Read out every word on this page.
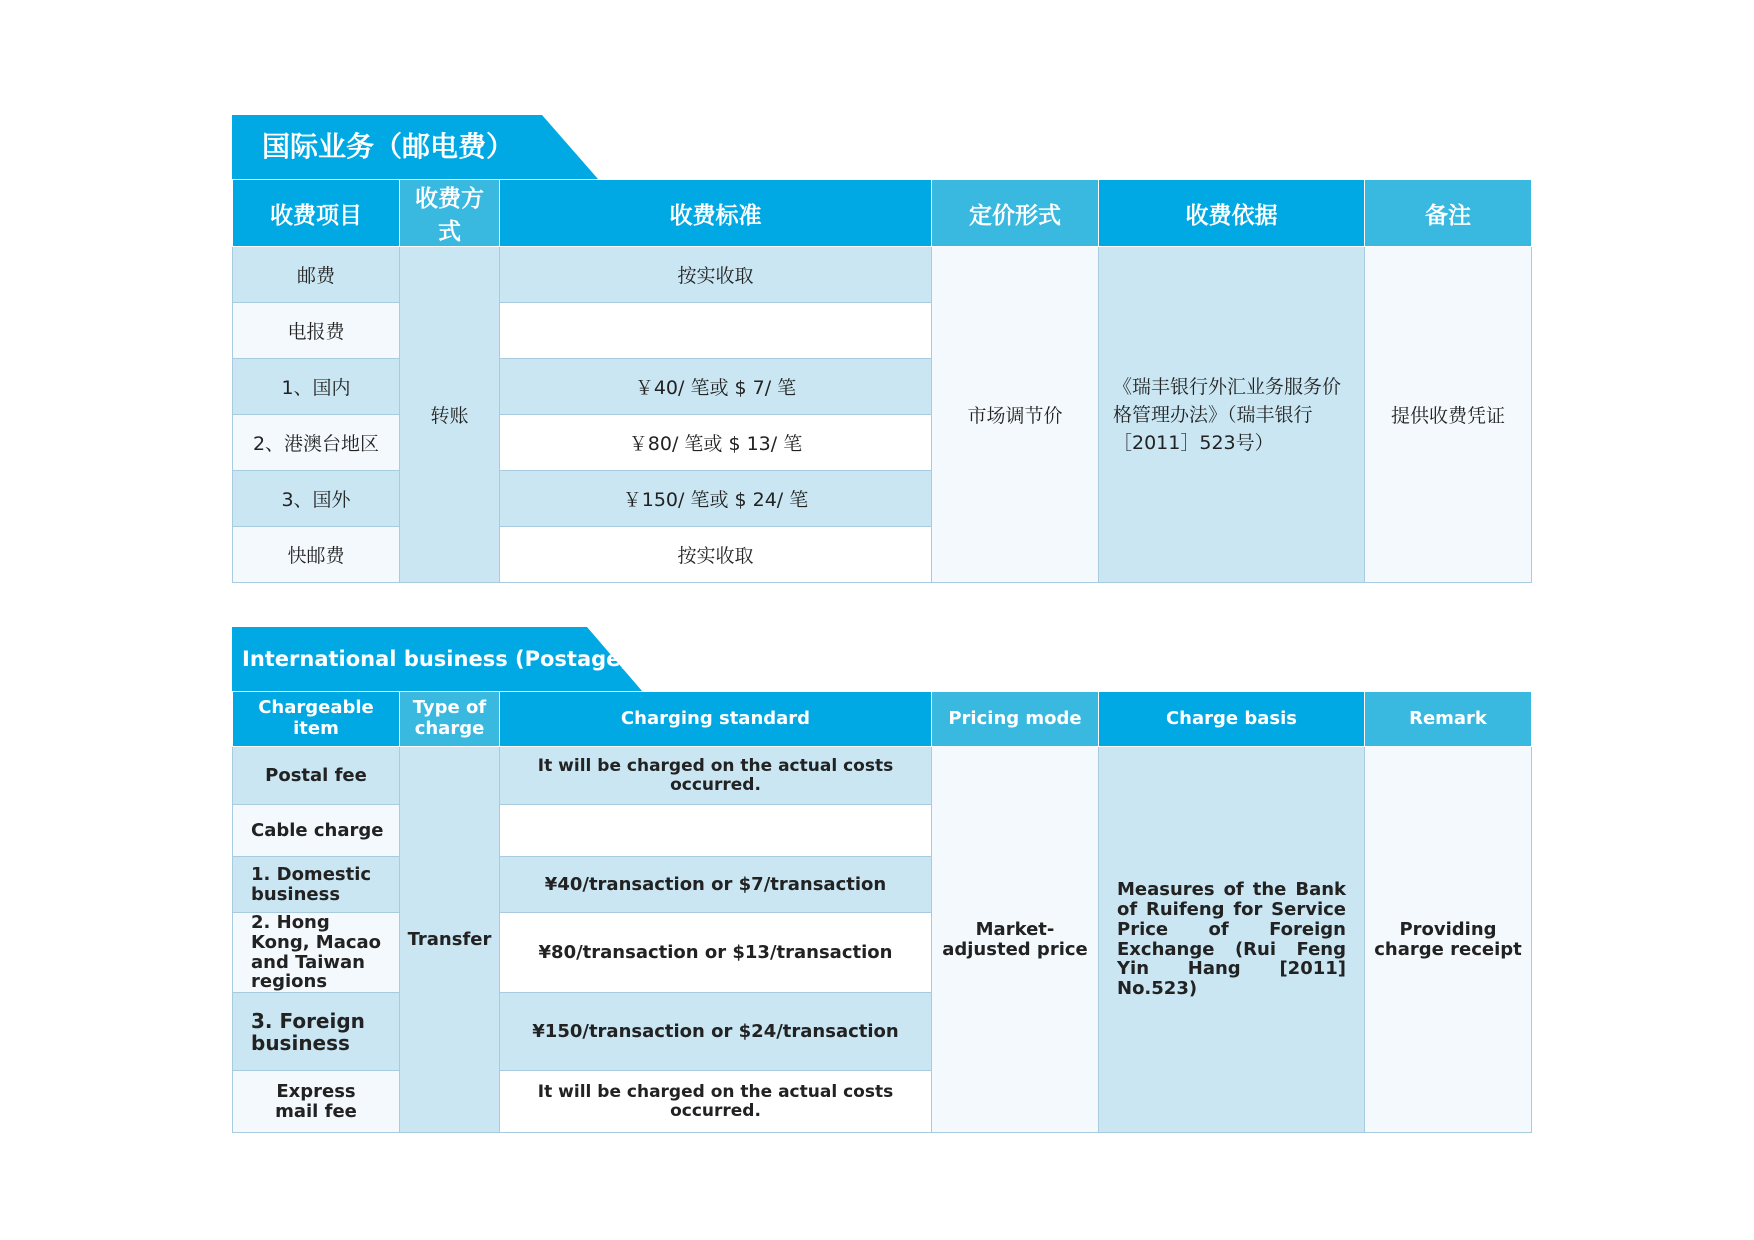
国际业务（邮电费）
收费项目	收费方式	收费标准	定价形式	收费依据	备注
邮费	转账	按实收取	市场调节价	《瑞丰银行外汇业务服务价格管理办法》（瑞丰银行［2011］523号）	提供收费凭证
电报费					
1、国内		￥40/ 笔或 $ 7/ 笔			
2、港澳台地区		￥80/ 笔或 $ 13/ 笔			
3、国外		￥150/ 笔或 $ 24/ 笔			
快邮费		按实收取			
International business (Postage)
Chargeable item	Type of charge	Charging standard	Pricing mode	Charge basis	Remark
Postal fee	Transfer	It will be charged on the actual costs occurred.	Market-adjusted price	Measures of the Bank of Ruifeng for Service Price of Foreign Exchange (Rui Feng Yin Hang [2011] No.523)	Providing charge receipt
Cable charge					
1. Domestic business		¥40/transaction or $7/transaction			
2. Hong Kong, Macao and Taiwan regions		¥80/transaction or $13/transaction			
3. Foreign business		¥150/transaction or $24/transaction			
Express mail fee		It will be charged on the actual costs occurred.			
